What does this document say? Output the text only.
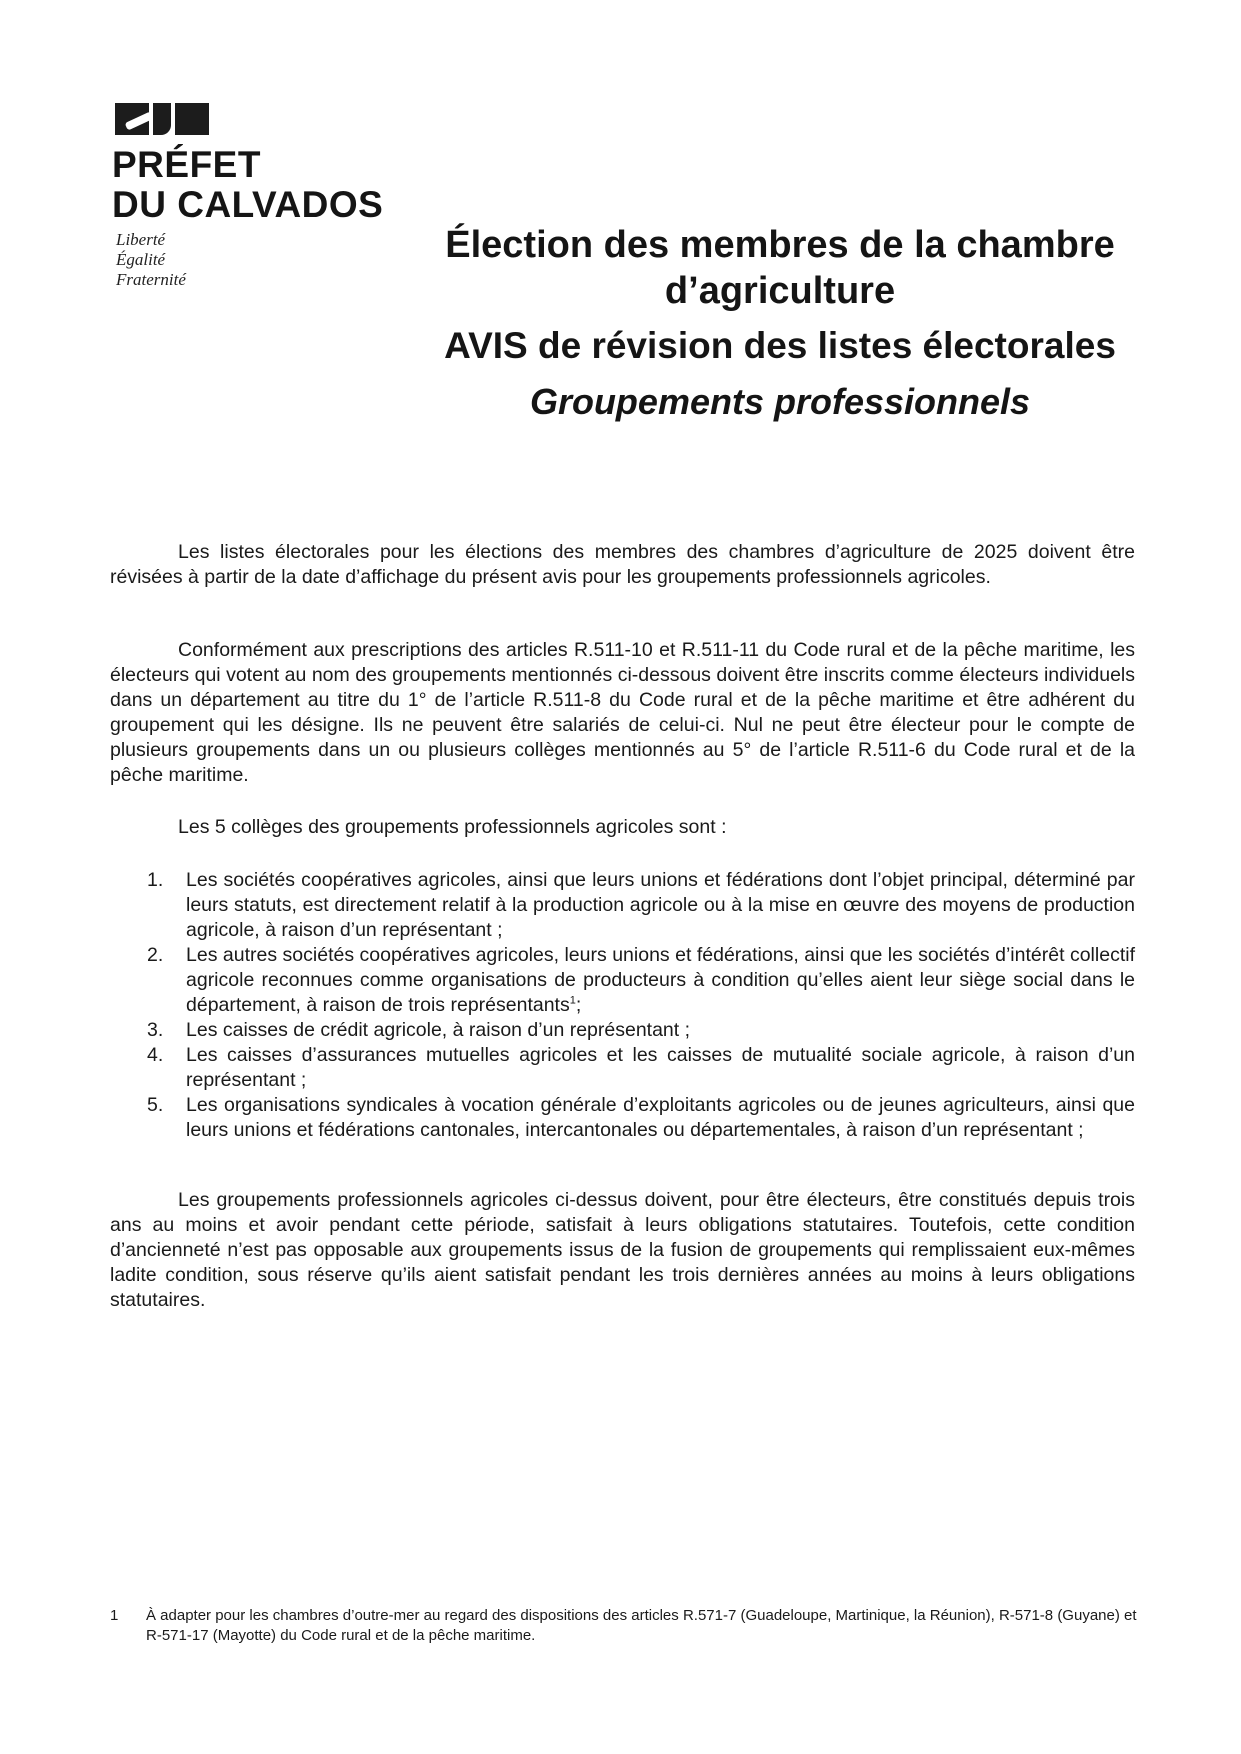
PRÉFET
DU CALVADOS
Liberté
Égalité
Fraternité
Élection des membres de la chambre d’agriculture
AVIS de révision des listes électorales
Groupements professionnels

Les listes électorales pour les élections des membres des chambres d’agriculture de 2025 doivent être révisées à partir de la date d’affichage du présent avis pour les groupements professionnels agricoles.

Conformément aux prescriptions des articles R.511-10 et R.511-11 du Code rural et de la pêche maritime, les électeurs qui votent au nom des groupements mentionnés ci-dessous doivent être inscrits comme électeurs individuels dans un département au titre du 1° de l’article R.511-8 du Code rural et de la pêche maritime et être adhérent du groupement qui les désigne. Ils ne peuvent être salariés de celui-ci. Nul ne peut être électeur pour le compte de plusieurs groupements dans un ou plusieurs collèges mentionnés au 5° de l’article R.511-6 du Code rural et de la pêche maritime.

Les 5 collèges des groupements professionnels agricoles sont :

1. Les sociétés coopératives agricoles, ainsi que leurs unions et fédérations dont l’objet principal, déterminé par leurs statuts, est directement relatif à la production agricole ou à la mise en œuvre des moyens de production agricole, à raison d’un représentant ;
2. Les autres sociétés coopératives agricoles, leurs unions et fédérations, ainsi que les sociétés d’intérêt collectif agricole reconnues comme organisations de producteurs à condition qu’elles aient leur siège social dans le département, à raison de trois représentants$^1$;
3. Les caisses de crédit agricole, à raison d’un représentant ;
4. Les caisses d’assurances mutuelles agricoles et les caisses de mutualité sociale agricole, à raison d’un représentant ;
5. Les organisations syndicales à vocation générale d’exploitants agricoles ou de jeunes agriculteurs, ainsi que leurs unions et fédérations cantonales, intercantonales ou départementales, à raison d’un représentant ;

Les groupements professionnels agricoles ci-dessus doivent, pour être électeurs, être constitués depuis trois ans au moins et avoir pendant cette période, satisfait à leurs obligations statutaires. Toutefois, cette condition d’ancienneté n’est pas opposable aux groupements issus de la fusion de groupements qui remplissaient eux-mêmes ladite condition, sous réserve qu’ils aient satisfait pendant les trois dernières années au moins à leurs obligations statutaires.

1	À adapter pour les chambres d’outre-mer au regard des dispositions des articles R.571-7 (Guadeloupe, Martinique, la Réunion), R-571-8 (Guyane) et R-571-17 (Mayotte) du Code rural et de la pêche maritime.
